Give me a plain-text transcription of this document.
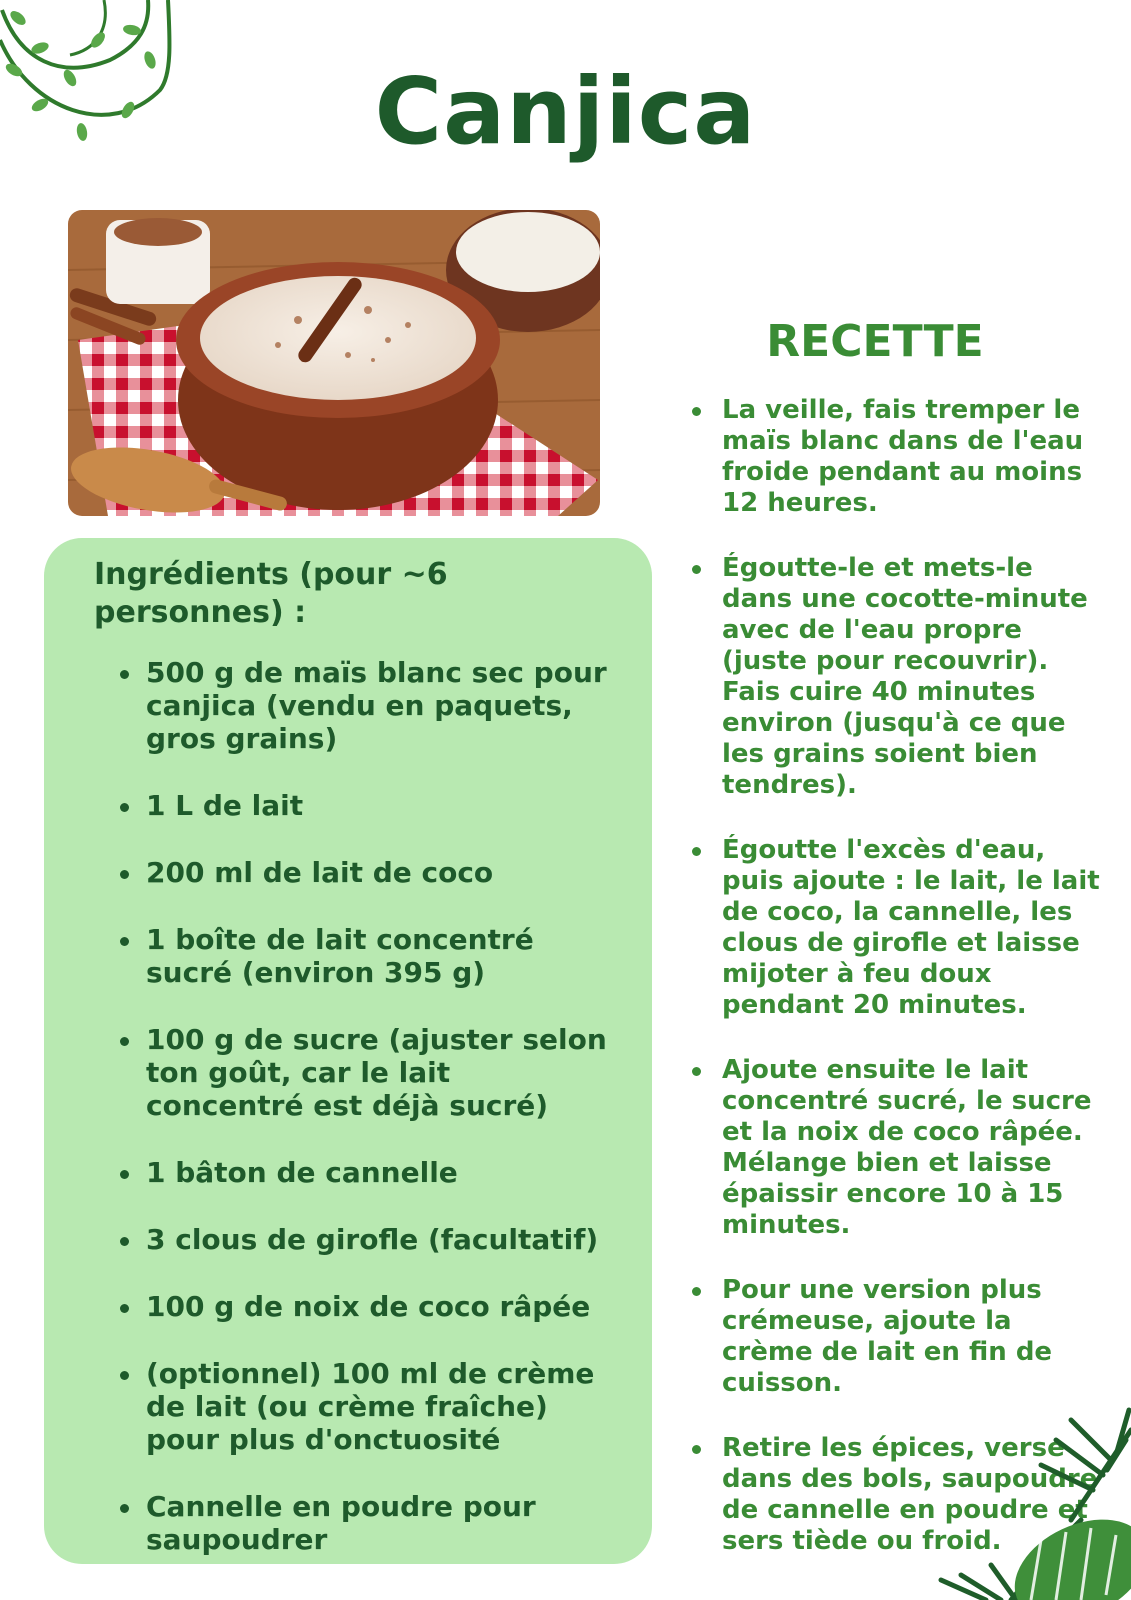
Canjica
Ingrédients (pour ~6 personnes) :
500 g de maïs blanc sec pour canjica (vendu en paquets, gros grains)
1 L de lait
200 ml de lait de coco
1 boîte de lait concentré sucré (environ 395 g)
100 g de sucre (ajuster selon ton goût, car le lait concentré est déjà sucré)
1 bâton de cannelle
3 clous de girofle (facultatif)
100 g de noix de coco râpée
(optionnel) 100 ml de crème de lait (ou crème fraîche) pour plus d'onctuosité
Cannelle en poudre pour saupoudrer
RECETTE
La veille, fais tremper le maïs blanc dans de l'eau froide pendant au moins 12 heures.
Égoutte-le et mets-le dans une cocotte-minute avec de l'eau propre (juste pour recouvrir). Fais cuire 40 minutes environ (jusqu'à ce que les grains soient bien tendres).
Égoutte l'excès d'eau, puis ajoute : le lait, le lait de coco, la cannelle, les clous de girofle et laisse mijoter à feu doux pendant 20 minutes.
Ajoute ensuite le lait concentré sucré, le sucre et la noix de coco râpée. Mélange bien et laisse épaissir encore 10 à 15 minutes.
Pour une version plus crémeuse, ajoute la crème de lait en fin de cuisson.
Retire les épices, verse dans des bols, saupoudre de cannelle en poudre et sers tiède ou froid.
